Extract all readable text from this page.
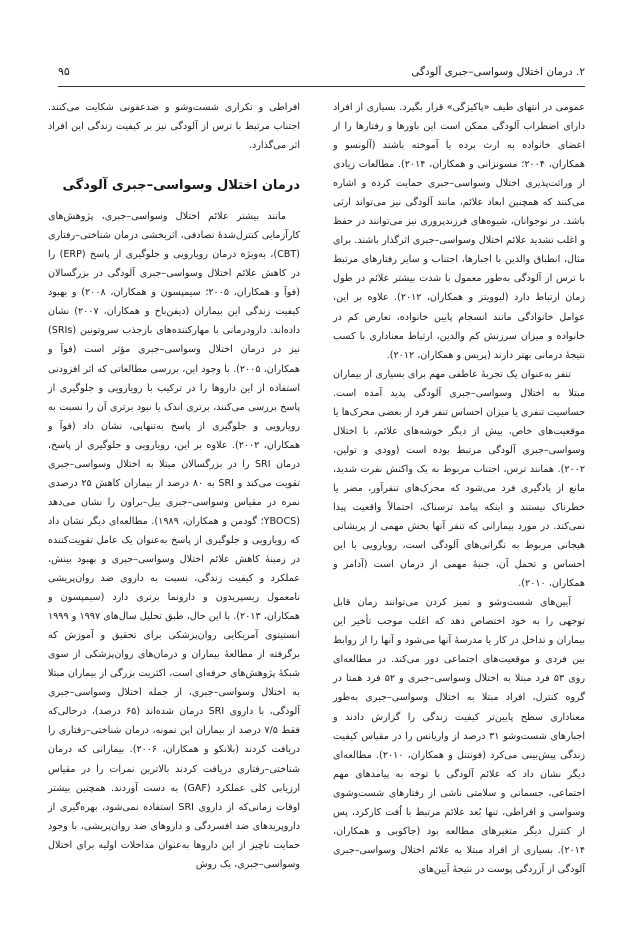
۲. درمان اختلال وسواسی–جبری آلودگی
۹۵

عمومی در انتهای طیف «پاکیزگی» قرار بگیرد. بسیاری از افراد دارای اضطراب آلودگی ممکن است این باورها و رفتارها را از اعضای خانواده به ارث برده یا آموخته باشند (آلونسو و همکاران، ۲۰۰۴؛ مسونزانی و همکاران، ۲۰۱۴). مطالعات زیادی از وراثت‌پذیری اختلال وسواسی–جبری حمایت کرده و اشاره می‌کنند که همچنین ابعاد علائم، مانند آلودگی نیز می‌تواند ارثی باشد. در نوجوانان، شیوه‌های فرزندپروری نیز می‌توانند در حفظ و اغلب تشدید علائم اختلال وسواسی–جبری اثرگذار باشند. برای مثال، انطباق والدین با اجبارها، اجتناب و سایر رفتارهای مرتبط با ترس از آلودگی به‌طور معمول با شدت بیشتر علائم در طول زمان ارتباط دارد (لبوویتز و همکاران، ۲۰۱۲). علاوه بر این، عوامل خانوادگی مانند انسجام پایین خانواده، تعارض کم در خانواده و میزان سرزنش کم والدین، ارتباط معناداری با کسب نتیجهٔ درمانی بهتر دارند (پریس و همکاران، ۲۰۱۲).

تنفر به‌عنوان یک تجربهٔ عاطفی مهم برای بسیاری از بیماران مبتلا به اختلال وسواسی–جبری آلودگی پدید آمده است. حساسیت تنفری یا میزان احساس تنفر فرد از بعضی محرک‌ها یا موقعیت‌های خاص، بیش از دیگر خوشه‌های علائم، با اختلال وسواسی–جبری آلودگی مرتبط بوده است (وودی و تولین، ۲۰۰۲). همانند ترس، اجتناب مربوط به یک واکنش نفرت شدید، مانع از یادگیری فرد می‌شود که محرک‌های تنفرآور، مضر یا خطرناک نیستند و اینکه پیامد ترسناک، احتمالاً واقعیت پیدا نمی‌کند. در مورد بیمارانی که تنفر آنها بخش مهمی از پریشانی هیجانی مربوط به نگرانی‌های آلودگی است، رویارویی با این احساس و تحمل آن، جنبهٔ مهمی از درمان است (آدامز و همکاران، ۲۰۱۰).

آیین‌های شست‌وشو و تمیز کردن می‌توانند زمان قابل توجهی را به خود اختصاص دهد که اغلب موجب تأخیر این بیماران و تداخل در کار یا مدرسهٔ آنها می‌شود و آنها را از روابط بین فردی و موقعیت‌های اجتماعی دور می‌کند. در مطالعه‌ای روی ۵۳ فرد مبتلا به اختلال وسواسی–جبری و ۵۲ فرد همتا در گروه کنترل، افراد مبتلا به اختلال وسواسی–جبری به‌طور معناداری سطح پایین‌تر کیفیت زندگی را گزارش دادند و اجبارهای شست‌وشو ۳۱ درصد از واریانس را در مقیاس کیفیت زندگی پیش‌بینی می‌کرد (فونتنل و همکاران، ۲۰۱۰). مطالعه‌ای دیگر نشان داد که علائم آلودگی با توجه به پیامدهای مهم اجتماعی، جسمانی و سلامتی ناشی از رفتارهای شست‌وشوی وسواسی و افراطی، تنها بُعد علائم مرتبط با اُفت کارکرد، پس از کنترل دیگر متغیرهای مطالعه بود (جاکوبی و همکاران، ۲۰۱۴). بسیاری از افراد مبتلا به علائم اختلال وسواسی–جبری آلودگی از آزردگی پوست در نتیجهٔ آیین‌های

افراطی و تکراری شست‌وشو و ضدعفونی شکایت می‌کنند. اجتناب مرتبط با ترس از آلودگی نیز بر کیفیت زندگی این افراد اثر می‌گذارد.

درمان اختلال وسواسی–جبری آلودگی

مانند بیشتر علائم اختلال وسواسی–جبری، پژوهش‌های کارآزمایی کنترل‌شدهٔ تصادفی، اثربخشی درمان شناختی–رفتاری (CBT)، به‌ویژه درمان رویارویی و جلوگیری از پاسخ (ERP) را در کاهش علائم اختلال وسواسی–جبری آلودگی در بزرگسالان (فوآ و همکاران، ۲۰۰۵؛ سیمپسون و همکاران، ۲۰۰۸) و بهبود کیفیت زندگی این بیماران (دیفن‌باخ و همکاران، ۲۰۰۷) نشان داده‌اند. دارودرمانی با مهارکننده‌های بازجذب سروتونین (SRIs) نیز در درمان اختلال وسواسی–جبری مؤثر است (فوآ و همکاران، ۲۰۰۵). با وجود این، بررسی مطالعاتی که اثر افزودنی استفاده از این داروها را در ترکیب با رویارویی و جلوگیری از پاسخ بررسی می‌کنند، برتری اندک یا نبود برتری آن را نسبت به رویارویی و جلوگیری از پاسخ به‌تنهایی، نشان داد (فوآ و همکاران، ۲۰۰۲). علاوه بر این، رویارویی و جلوگیری از پاسخ، درمان SRI را در بزرگسالان مبتلا به اختلال وسواسی–جبری تقویت می‌کند و SRI به ۸۰ درصد از بیماران کاهش ۲۵ درصدی نمره در مقیاس وسواسی–جبری ییل–براون را نشان می‌دهد (YBOCS؛ گودمن و همکاران، ۱۹۸۹). مطالعه‌ای دیگر نشان داد که رویارویی و جلوگیری از پاسخ به‌عنوان یک عامل تقویت‌کننده در زمینهٔ کاهش علائم اختلال وسواسی–جبری و بهبود بینش، عملکرد و کیفیت زندگی، نسبت به داروی ضد روان‌پریشی نامعمول ریسپریدون و دارونما برتری دارد (سیمپسون و همکاران، ۲۰۱۳). با این حال، طبق تحلیل سال‌های ۱۹۹۷ و ۱۹۹۹ انستیتوی آمریکایی روان‌پزشکی برای تحقیق و آموزش که برگرفته از مطالعهٔ بیماران و درمان‌های روان‌پزشکی از سوی شبکهٔ پژوهش‌های حرفه‌ای است، اکثریت بزرگی از بیماران مبتلا به اختلال وسواسی–جبری، از جمله اختلال وسواسی–جبری آلودگی، با داروی SRI درمان شده‌اند (۶۵ درصد)، درحالی‌که فقط ۷/۵ درصد از بیماران این نمونه، درمان شناختی–رفتاری را دریافت کردند (بلانکو و همکاران، ۲۰۰۶). بیمارانی که درمان شناختی–رفتاری دریافت کردند بالاترین نمرات را در مقیاس ارزیابی کلی عملکرد (GAF) به دست آوردند. همچنین بیشتر اوقات زمانی‌که از داروی SRI استفاده نمی‌شود، بهره‌گیری از داروپریدهای ضد افسردگی و داروهای ضد روان‌پریشی، با وجود حمایت ناچیز از این داروها به‌عنوان مداخلات اولیه برای اختلال وسواسی–جبری، یک روش
